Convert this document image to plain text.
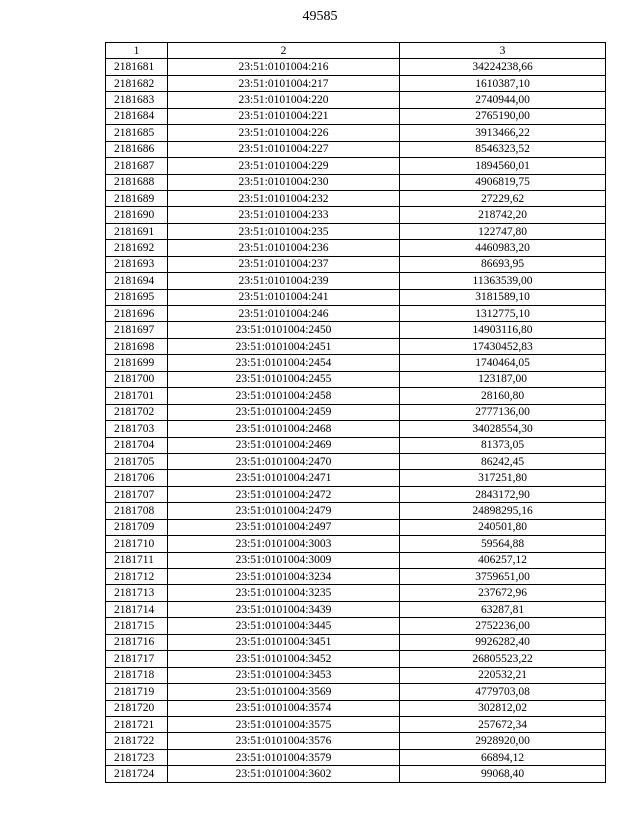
49585
1	2	3
2181681	23:51:0101004:216	34224238,66
2181682	23:51:0101004:217	1610387,10
2181683	23:51:0101004:220	2740944,00
2181684	23:51:0101004:221	2765190,00
2181685	23:51:0101004:226	3913466,22
2181686	23:51:0101004:227	8546323,52
2181687	23:51:0101004:229	1894560,01
2181688	23:51:0101004:230	4906819,75
2181689	23:51:0101004:232	27229,62
2181690	23:51:0101004:233	218742,20
2181691	23:51:0101004:235	122747,80
2181692	23:51:0101004:236	4460983,20
2181693	23:51:0101004:237	86693,95
2181694	23:51:0101004:239	11363539,00
2181695	23:51:0101004:241	3181589,10
2181696	23:51:0101004:246	1312775,10
2181697	23:51:0101004:2450	14903116,80
2181698	23:51:0101004:2451	17430452,83
2181699	23:51:0101004:2454	1740464,05
2181700	23:51:0101004:2455	123187,00
2181701	23:51:0101004:2458	28160,80
2181702	23:51:0101004:2459	2777136,00
2181703	23:51:0101004:2468	34028554,30
2181704	23:51:0101004:2469	81373,05
2181705	23:51:0101004:2470	86242,45
2181706	23:51:0101004:2471	317251,80
2181707	23:51:0101004:2472	2843172,90
2181708	23:51:0101004:2479	24898295,16
2181709	23:51:0101004:2497	240501,80
2181710	23:51:0101004:3003	59564,88
2181711	23:51:0101004:3009	406257,12
2181712	23:51:0101004:3234	3759651,00
2181713	23:51:0101004:3235	237672,96
2181714	23:51:0101004:3439	63287,81
2181715	23:51:0101004:3445	2752236,00
2181716	23:51:0101004:3451	9926282,40
2181717	23:51:0101004:3452	26805523,22
2181718	23:51:0101004:3453	220532,21
2181719	23:51:0101004:3569	4779703,08
2181720	23:51:0101004:3574	302812,02
2181721	23:51:0101004:3575	257672,34
2181722	23:51:0101004:3576	2928920,00
2181723	23:51:0101004:3579	66894,12
2181724	23:51:0101004:3602	99068,40
